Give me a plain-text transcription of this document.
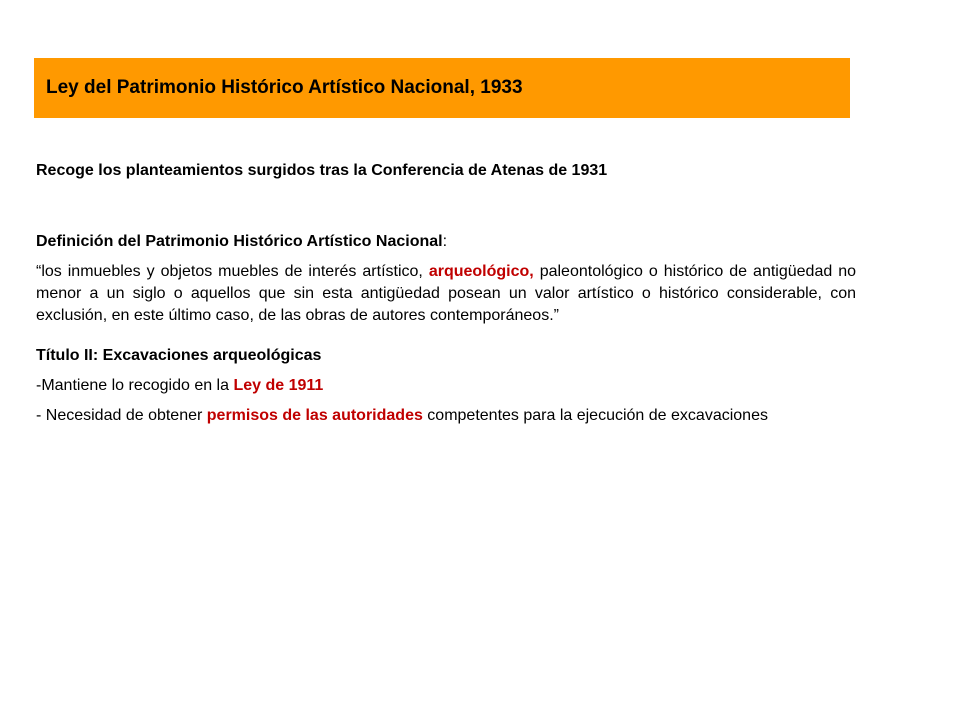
Ley del Patrimonio Histórico Artístico Nacional, 1933

Recoge los planteamientos surgidos tras la Conferencia de Atenas de 1931

Definición del Patrimonio Histórico Artístico Nacional:

“los inmuebles y objetos muebles de interés artístico, arqueológico, paleontológico o histórico de antigüedad no menor a un siglo o aquellos que sin esta antigüedad posean un valor artístico o histórico considerable, con exclusión, en este último caso, de las obras de autores contemporáneos.”

Título II: Excavaciones arqueológicas

-Mantiene lo recogido en la Ley de 1911

- Necesidad de obtener permisos de las autoridades competentes para la ejecución de excavaciones
